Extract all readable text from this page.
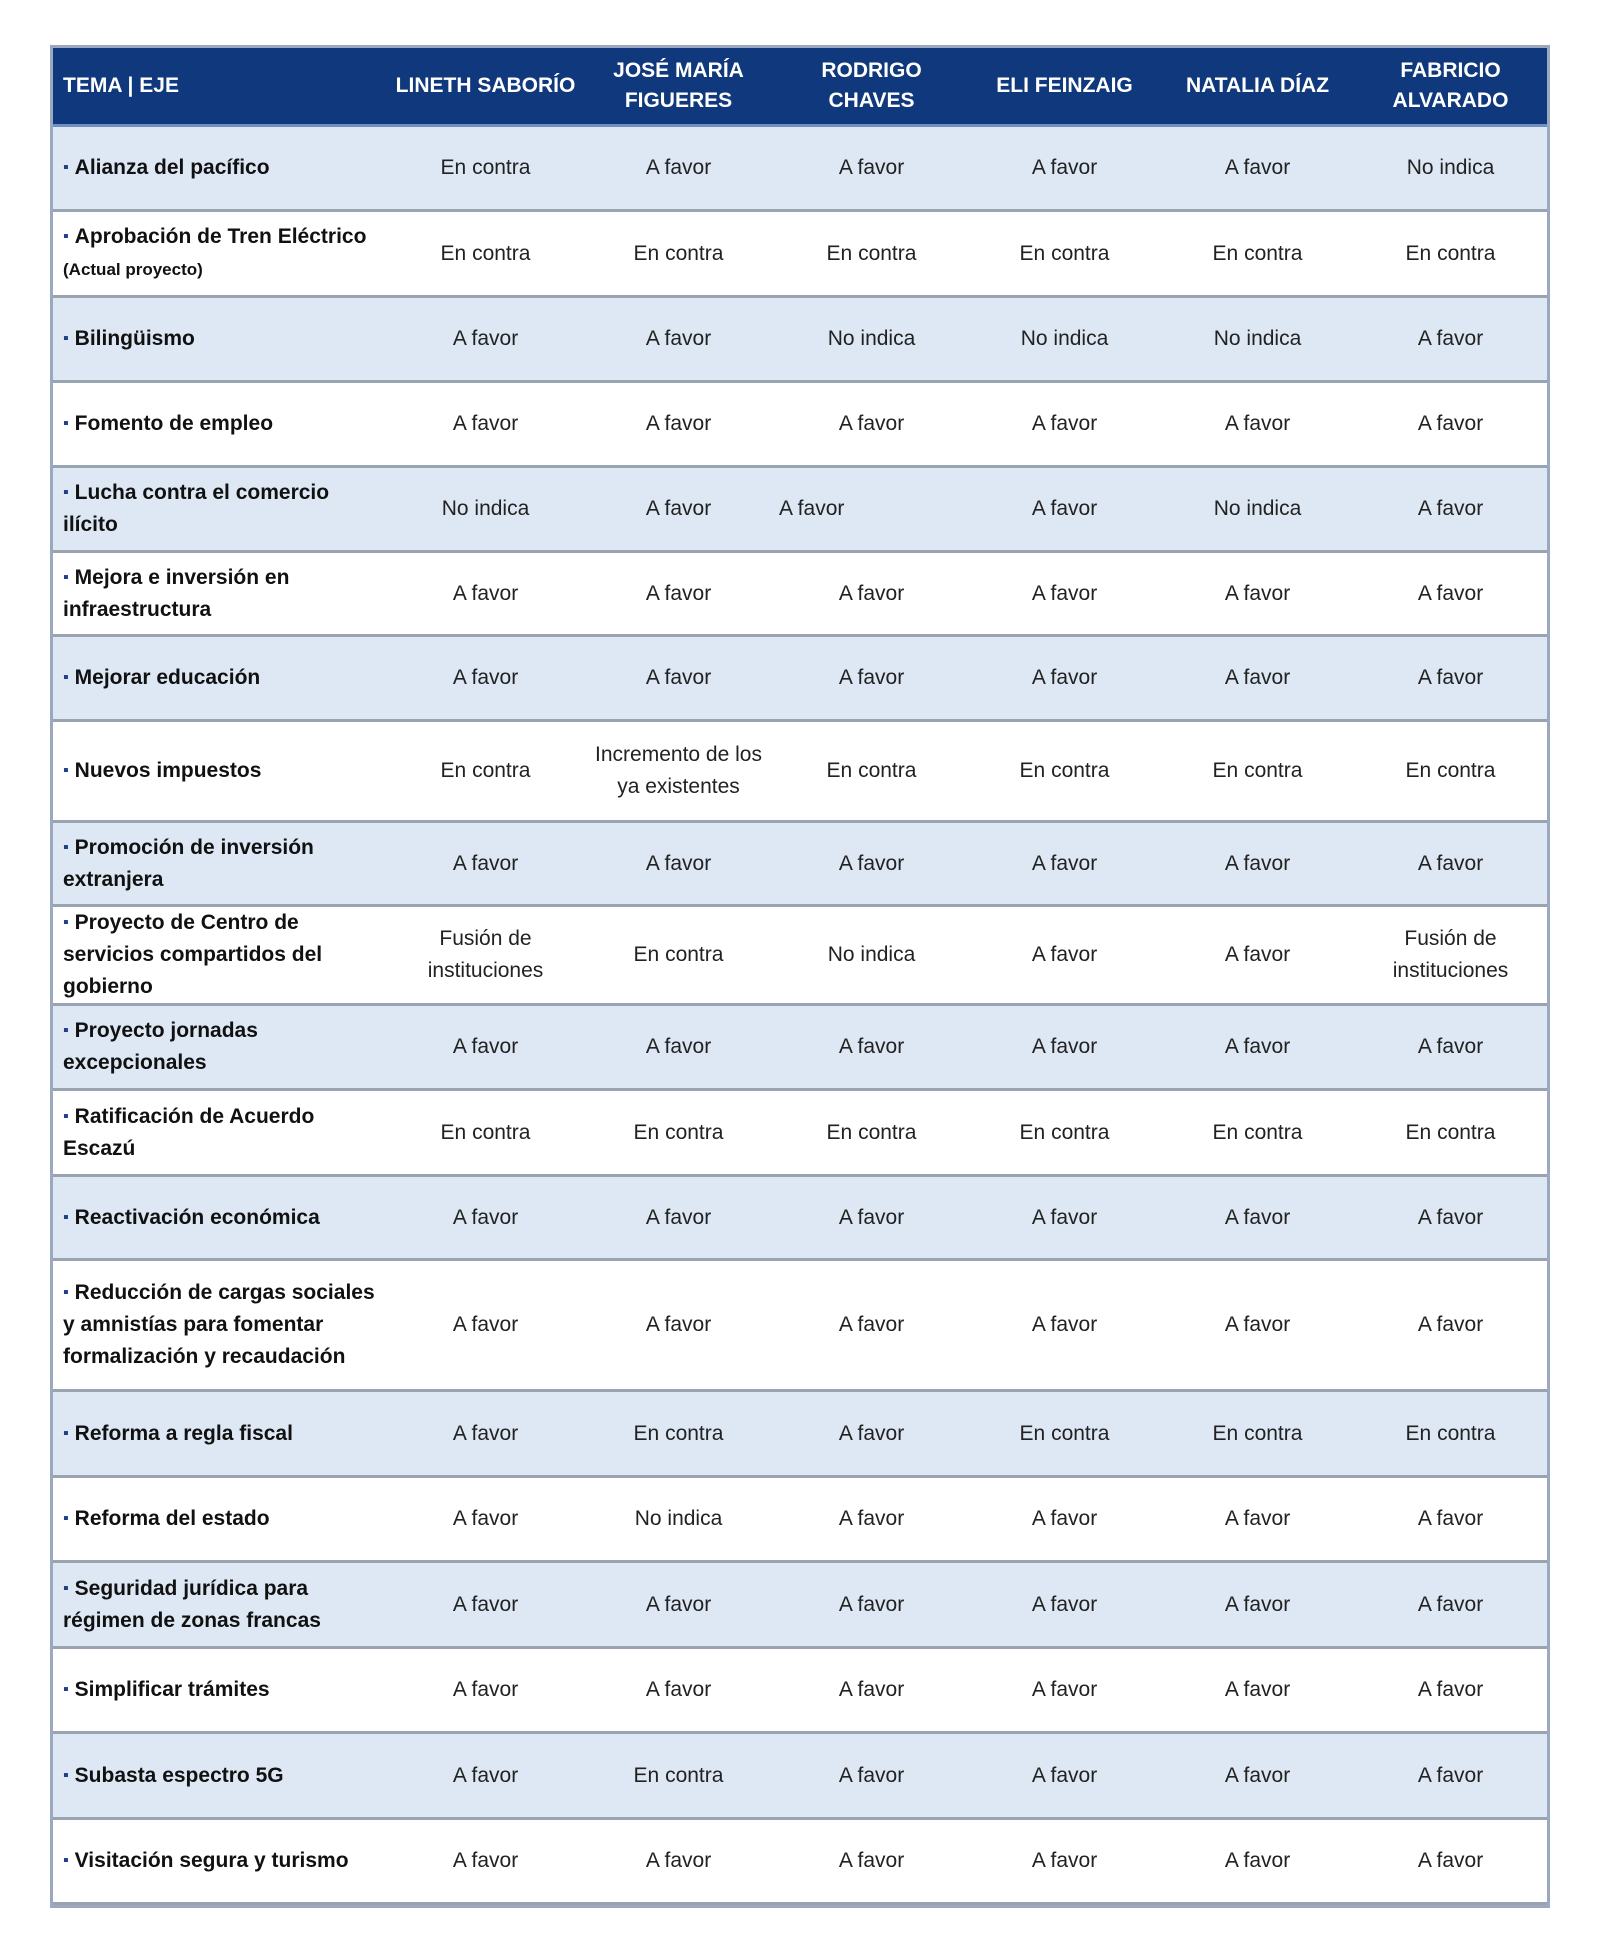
TEMA | EJE	LINETH SABORÍO	JOSÉ MARÍA FIGUERES	RODRIGO CHAVES	ELI FEINZAIG	NATALIA DÍAZ	FABRICIO ALVARADO
▪ Alianza del pacífico	En contra	A favor	A favor	A favor	A favor	No indica
▪ Aprobación de Tren Eléctrico (Actual proyecto)	En contra	En contra	En contra	En contra	En contra	En contra
▪ Bilingüismo	A favor	A favor	No indica	No indica	No indica	A favor
▪ Fomento de empleo	A favor	A favor	A favor	A favor	A favor	A favor
▪ Lucha contra el comercio ilícito	No indica	A favor	A favor	A favor	No indica	A favor
▪ Mejora e inversión en infraestructura	A favor	A favor	A favor	A favor	A favor	A favor
▪ Mejorar educación	A favor	A favor	A favor	A favor	A favor	A favor
▪ Nuevos impuestos	En contra	Incremento de los ya existentes	En contra	En contra	En contra	En contra
▪ Promoción de inversión extranjera	A favor	A favor	A favor	A favor	A favor	A favor
▪ Proyecto de Centro de servicios compartidos del gobierno	Fusión de instituciones	En contra	No indica	A favor	A favor	Fusión de instituciones
▪ Proyecto jornadas excepcionales	A favor	A favor	A favor	A favor	A favor	A favor
▪ Ratificación de Acuerdo Escazú	En contra	En contra	En contra	En contra	En contra	En contra
▪ Reactivación económica	A favor	A favor	A favor	A favor	A favor	A favor
▪ Reducción de cargas sociales y amnistías para fomentar formalización y recaudación	A favor	A favor	A favor	A favor	A favor	A favor
▪ Reforma a regla fiscal	A favor	En contra	A favor	En contra	En contra	En contra
▪ Reforma del estado	A favor	No indica	A favor	A favor	A favor	A favor
▪ Seguridad jurídica para régimen de zonas francas	A favor	A favor	A favor	A favor	A favor	A favor
▪ Simplificar trámites	A favor	A favor	A favor	A favor	A favor	A favor
▪ Subasta espectro 5G	A favor	En contra	A favor	A favor	A favor	A favor
▪ Visitación segura y turismo	A favor	A favor	A favor	A favor	A favor	A favor
